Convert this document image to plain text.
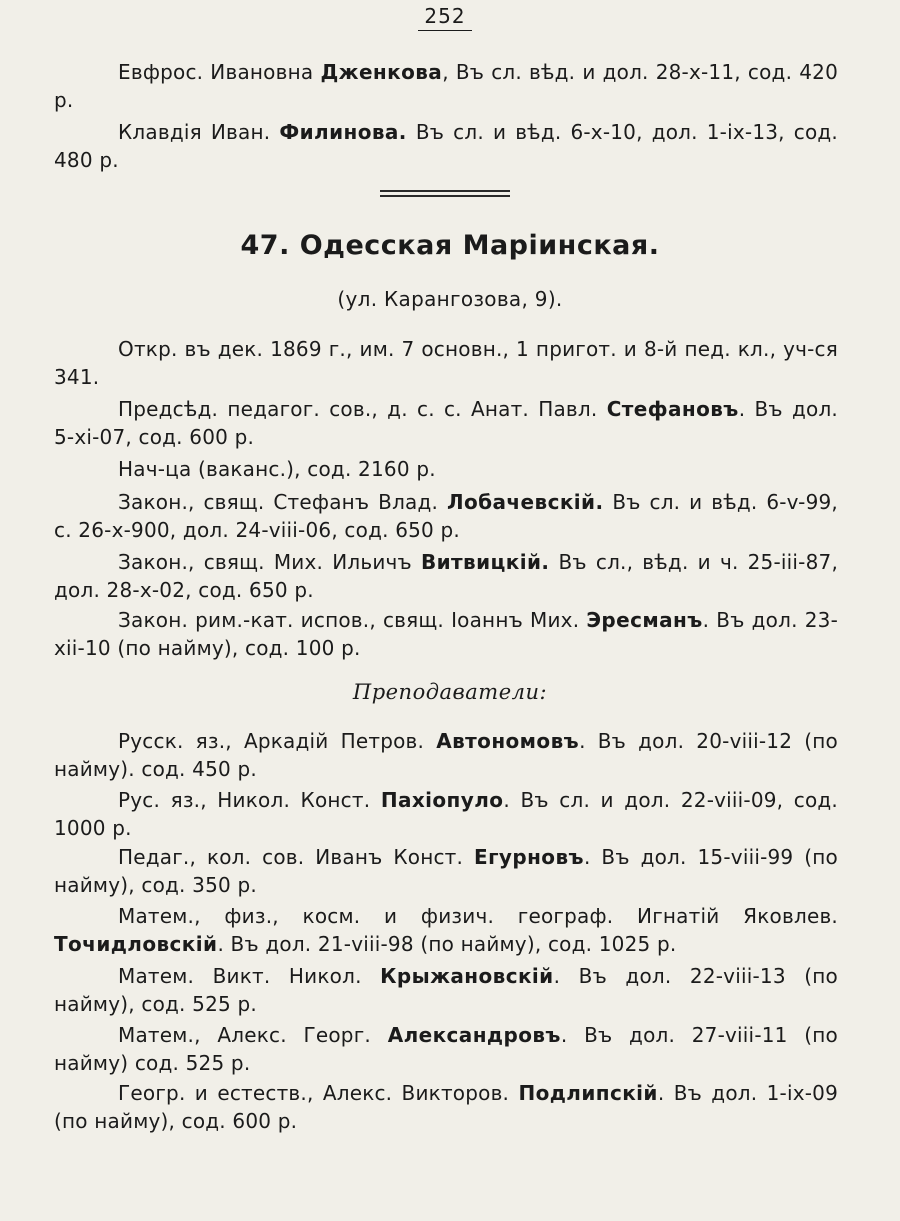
252

Евфрос. Ивановна Дженкова, Въ сл. вѣд. и дол. 28-х-11, сод. 420 р.

Клавдія Иван. Филинова. Въ сл. и вѣд. 6-х-10, дол. 1-іх-13, сод. 480 р.

47. Одесская Маріинская.

(ул. Карангозова, 9).

Откр. въ дек. 1869 г., им. 7 основн., 1 пригот. и 8-й пед. кл., уч-ся 341.

Предсѣд. педагог. сов., д. с. с. Анат. Павл. Стефановъ. Въ дол. 5-хі-07, сод. 600 р.

Нач-ца (ваканс.), сод. 2160 р.

Закон., свящ. Стефанъ Влад. Лобачевскій. Въ сл. и вѣд. 6-v-99, с. 26-х-900, дол. 24-vііі-06, сод. 650 р.

Закон., свящ. Мих. Ильичъ Витвицкій. Въ сл., вѣд. и ч. 25-ііі-87, дол. 28-х-02, сод. 650 р.

Закон. рим.-кат. испов., свящ. Іоаннъ Мих. Эресманъ. Въ дол. 23-хіі-10 (по найму), сод. 100 р.

Преподаватели:

Русск. яз., Аркадій Петров. Автономовъ. Въ дол. 20-vііі-12 (по найму). сод. 450 р.

Рус. яз., Никол. Конст. Пахіопуло. Въ сл. и дол. 22-vііі-09, сод. 1000 р.

Педаг., кол. сов. Иванъ Конст. Егурновъ. Въ дол. 15-vііі-99 (по найму), сод. 350 р.

Матем., физ., косм. и физич. географ. Игнатій Яковлев. Точидловскій. Въ дол. 21-vііі-98 (по найму), сод. 1025 р.

Матем. Викт. Никол. Крыжановскій. Въ дол. 22-vііі-13 (по найму), сод. 525 р.

Матем., Алекс. Георг. Александровъ. Въ дол. 27-vііі-11 (по найму) сод. 525 р.

Геогр. и естеств., Алекс. Викторов. Подлипскій. Въ дол. 1-іх-09 (по найму), сод. 600 р.
